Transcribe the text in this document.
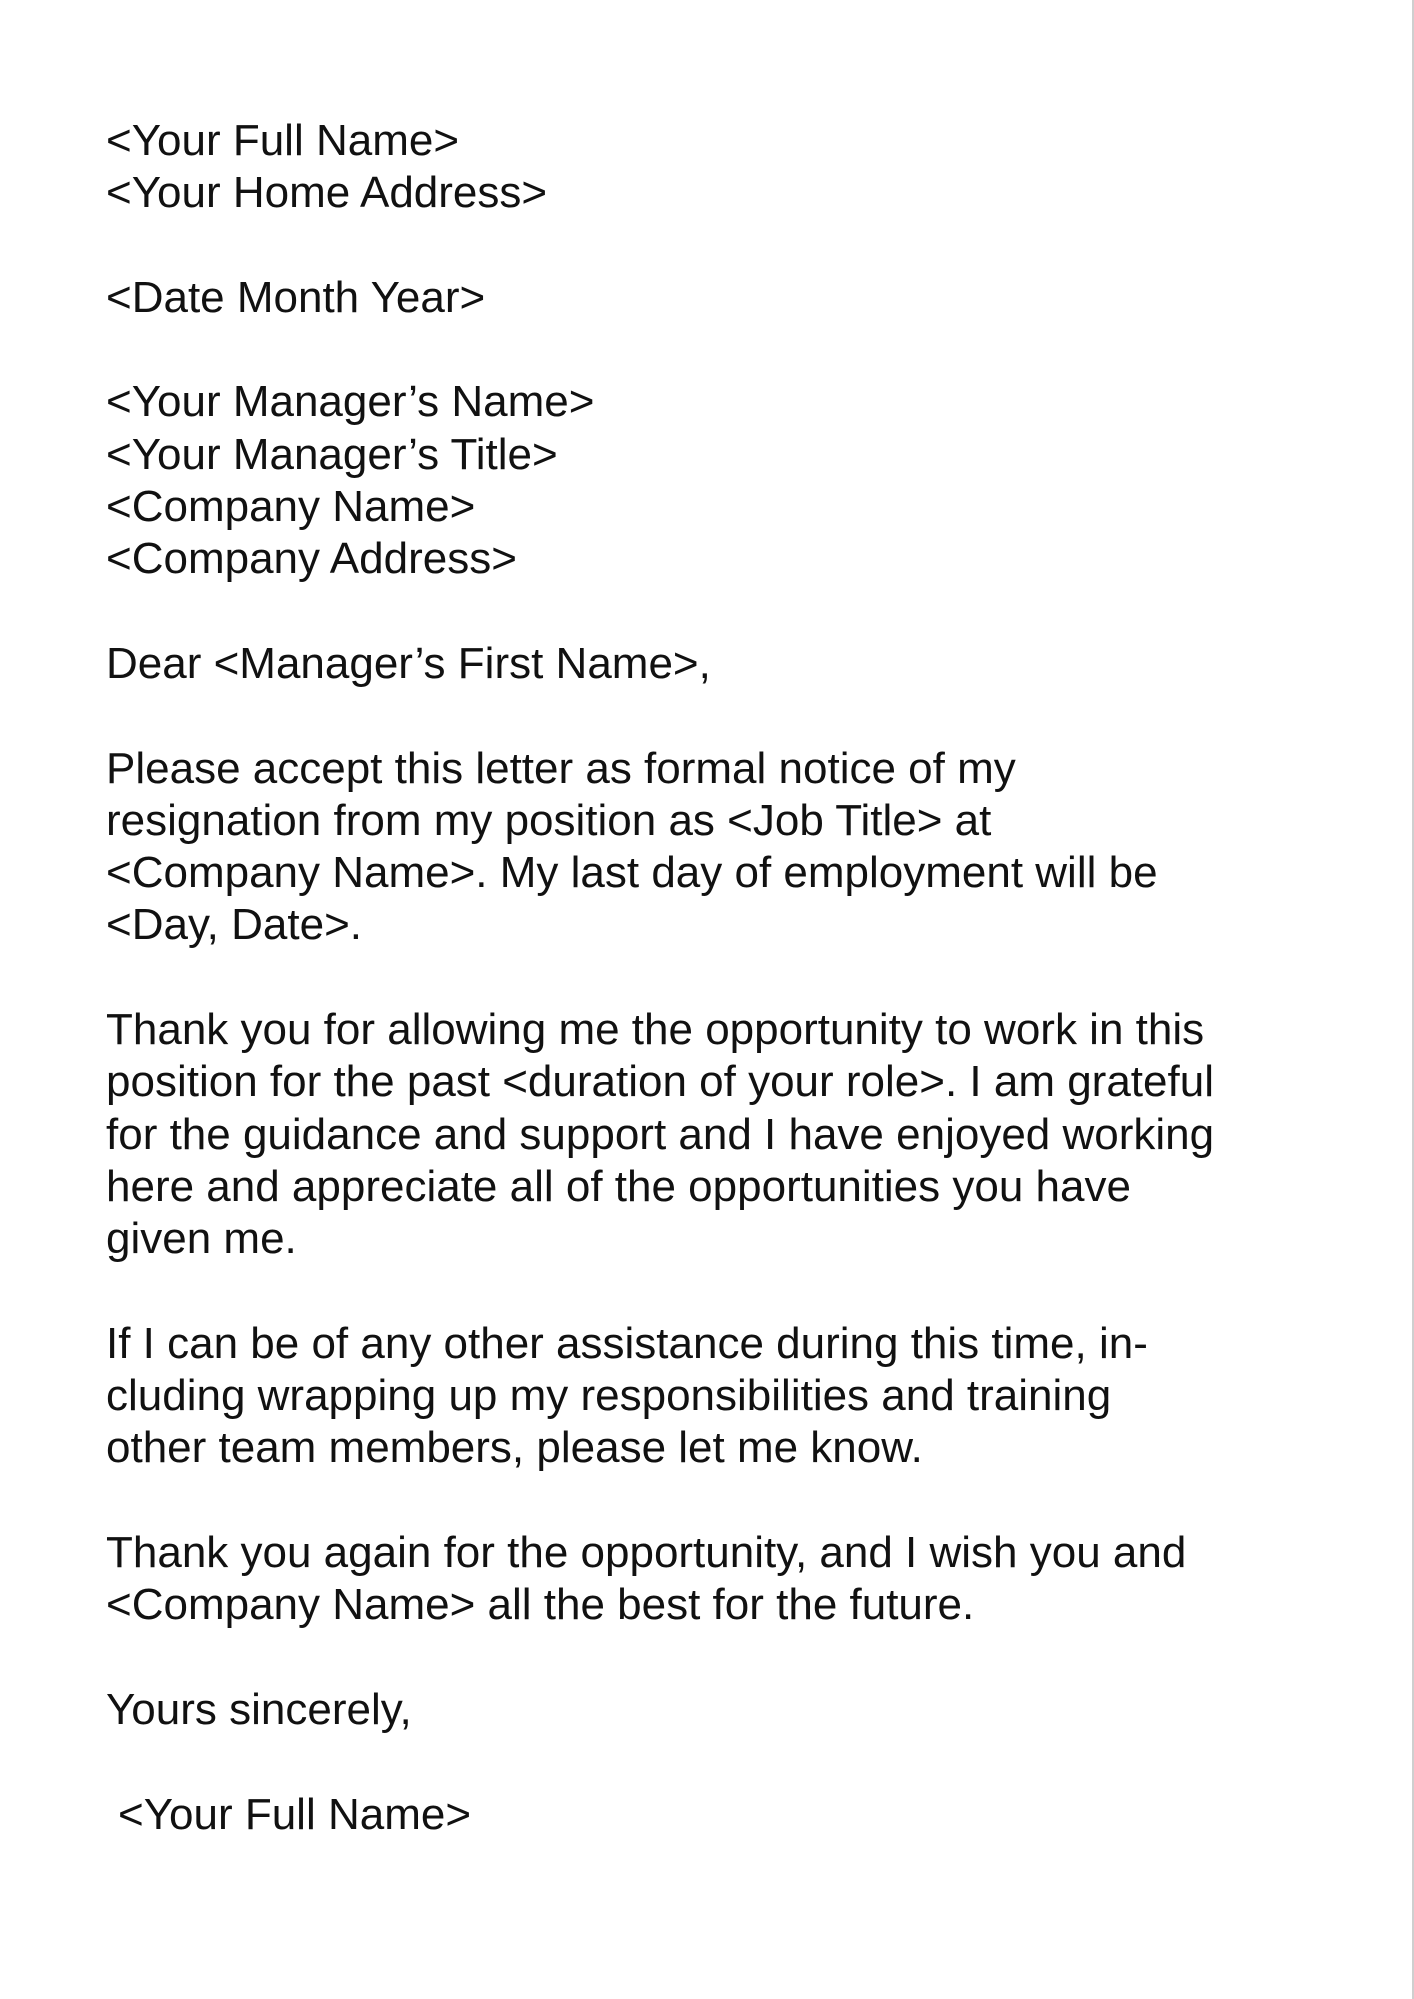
<Your Full Name>
<Your Home Address>
<Date Month Year>
<Your Manager’s Name>
<Your Manager’s Title>
<Company Name>
<Company Address>
Dear <Manager’s First Name>,
Please accept this letter as formal notice of my
resignation from my position as <Job Title> at
<Company Name>. My last day of employment will be
<Day, Date>.
Thank you for allowing me the opportunity to work in this
position for the past <duration of your role>. I am grateful
for the guidance and support and I have enjoyed working
here and appreciate all of the opportunities you have
given me.
If I can be of any other assistance during this time, in-
cluding wrapping up my responsibilities and training
other team members, please let me know.
Thank you again for the opportunity, and I wish you and
<Company Name> all the best for the future.
Yours sincerely,
<Your Full Name>
